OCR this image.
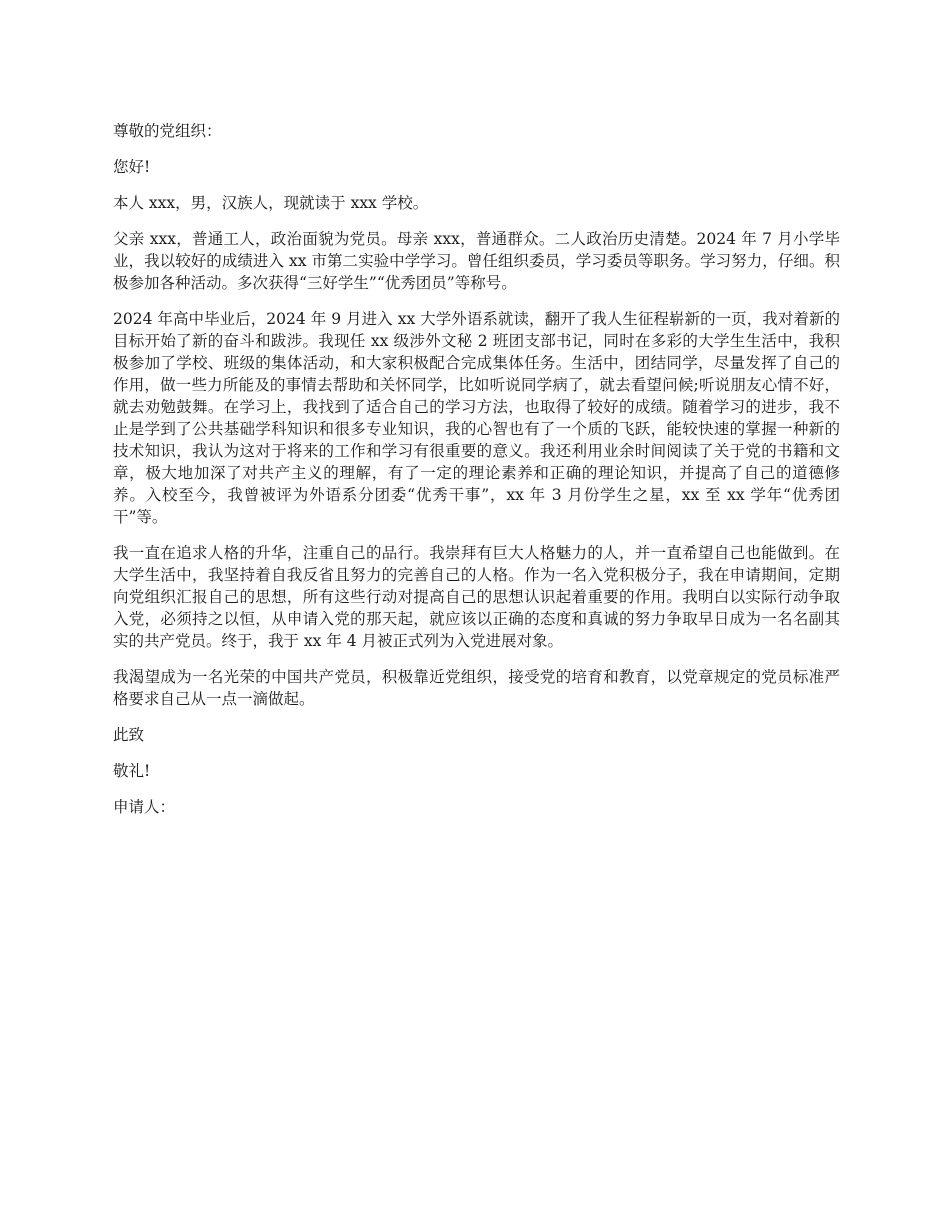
尊敬的党组织：

您好!

本人 xxx，男，汉族人，现就读于 xxx 学校。

父亲 xxx，普通工人，政治面貌为党员。母亲 xxx，普通群众。二人政治历史清楚。2024 年 7 月小学毕业，我以较好的成绩进入 xx 市第二实验中学学习。曾任组织委员，学习委员等职务。学习努力，仔细。积极参加各种活动。多次获得“三好学生”“优秀团员”等称号。

2024 年高中毕业后，2024 年 9 月进入 xx 大学外语系就读，翻开了我人生征程崭新的一页，我对着新的目标开始了新的奋斗和跋涉。我现任 xx 级涉外文秘 2 班团支部书记，同时在多彩的大学生生活中，我积极参加了学校、班级的集体活动，和大家积极配合完成集体任务。生活中，团结同学，尽量发挥了自己的作用，做一些力所能及的事情去帮助和关怀同学，比如听说同学病了，就去看望问候;听说朋友心情不好，就去劝勉鼓舞。在学习上，我找到了适合自己的学习方法，也取得了较好的成绩。随着学习的进步，我不止是学到了公共基础学科知识和很多专业知识，我的心智也有了一个质的飞跃，能较快速的掌握一种新的技术知识，我认为这对于将来的工作和学习有很重要的意义。我还利用业余时间阅读了关于党的书籍和文章，极大地加深了对共产主义的理解，有了一定的理论素养和正确的理论知识，并提高了自己的道德修养。入校至今，我曾被评为外语系分团委“优秀干事”，xx 年 3 月份学生之星，xx 至 xx 学年“优秀团干”等。

我一直在追求人格的升华，注重自己的品行。我崇拜有巨大人格魅力的人，并一直希望自己也能做到。在大学生活中，我坚持着自我反省且努力的完善自己的人格。作为一名入党积极分子，我在申请期间，定期向党组织汇报自己的思想，所有这些行动对提高自己的思想认识起着重要的作用。我明白以实际行动争取入党，必须持之以恒，从申请入党的那天起，就应该以正确的态度和真诚的努力争取早日成为一名名副其实的共产党员。终于，我于 xx 年 4 月被正式列为入党进展对象。

我渴望成为一名光荣的中国共产党员，积极靠近党组织，接受党的培育和教育，以党章规定的党员标准严格要求自己从一点一滴做起。

此致

敬礼!

申请人：
